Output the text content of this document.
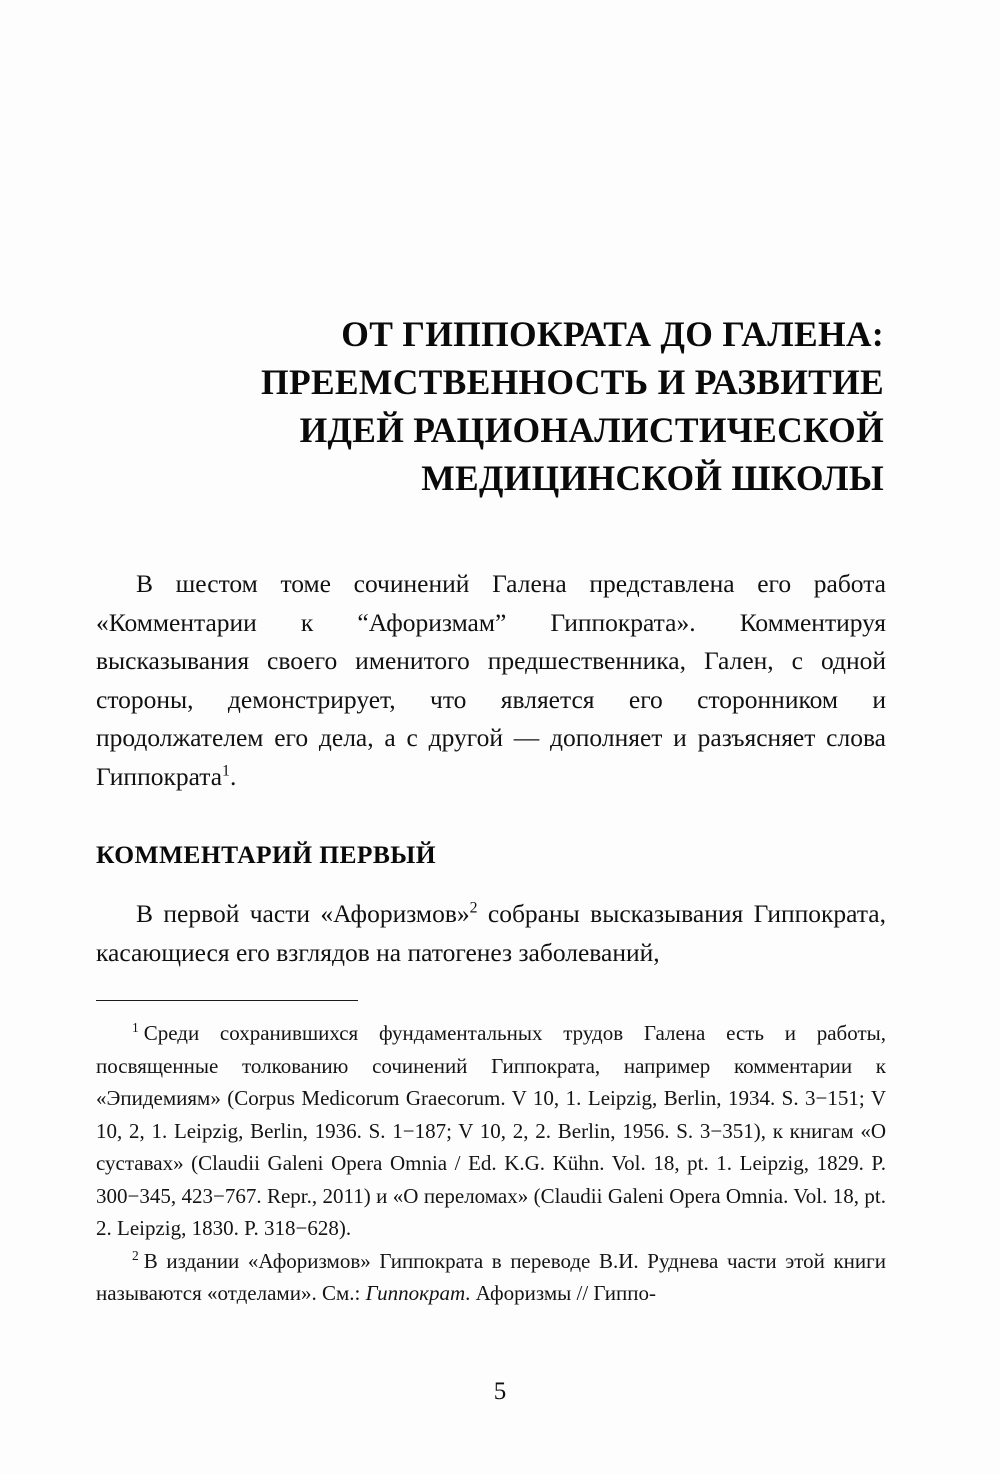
ОТ ГИППОКРАТА ДО ГАЛЕНА:
ПРЕЕМСТВЕННОСТЬ И РАЗВИТИЕ
ИДЕЙ РАЦИОНАЛИСТИЧЕСКОЙ
МЕДИЦИНСКОЙ ШКОЛЫ

В шестом томе сочинений Галена представлена его работа «Комментарии к “Афоризмам” Гиппократа». Комментируя высказывания своего именитого предшественника, Гален, с одной стороны, демонстрирует, что является его сторонником и продолжателем его дела, а с другой — дополняет и разъясняет слова Гиппократа$^1$.

КОММЕНТАРИЙ ПЕРВЫЙ

В первой части «Афоризмов»$^2$ собраны высказывания Гиппократа, касающиеся его взглядов на патогенез заболеваний,

$^1$ Среди сохранившихся фундаментальных трудов Галена есть и работы, посвященные толкованию сочинений Гиппократа, например комментарии к «Эпидемиям» (Corpus Medicorum Graecorum. V 10, 1. Leipzig, Berlin, 1934. S. 3−151; V 10, 2, 1. Leipzig, Berlin, 1936. S. 1−187; V 10, 2, 2. Berlin, 1956. S. 3−351), к книгам «О суставах» (Claudii Galeni Opera Omnia / Ed. K.G. Kühn. Vol. 18, pt. 1. Leipzig, 1829. P. 300−345, 423−767. Repr., 2011) и «О переломах» (Claudii Galeni Opera Omnia. Vol. 18, pt. 2. Leipzig, 1830. P. 318−628).

$^2$ В издании «Афоризмов» Гиппократа в переводе В.И. Руднева части этой книги называются «отделами». См.: Гиппократ. Афоризмы // Гиппо-

5
